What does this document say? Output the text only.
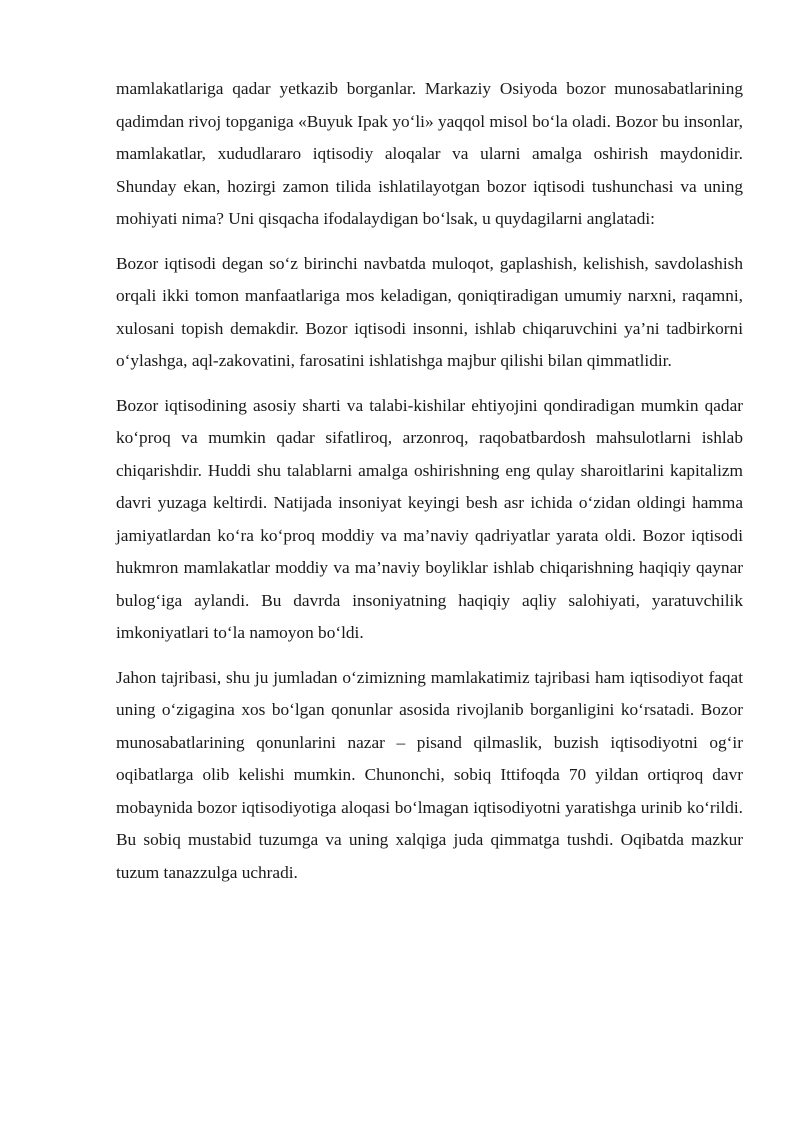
mamlakatlariga qadar yetkazib borganlar. Markaziy Osiyoda bozor munosabatlarining qadimdan rivoj topganiga «Buyuk Ipak yo‘li» yaqqol misol bo‘la oladi. Bozor bu insonlar, mamlakatlar, xududlararo iqtisodiy aloqalar va ularni amalga oshirish maydonidir. Shunday ekan, hozirgi zamon tilida ishlatilayotgan bozor iqtisodi tushunchasi va uning mohiyati nima? Uni qisqacha ifodalaydigan bo‘lsak, u quydagilarni anglatadi:

Bozor iqtisodi degan so‘z birinchi navbatda muloqot, gaplashish, kelishish, savdolashish orqali ikki tomon manfaatlariga mos keladigan, qoniqtiradigan umumiy narxni, raqamni, xulosani topish demakdir. Bozor iqtisodi insonni, ishlab chiqaruvchini ya’ni tadbirkorni o‘ylashga, aql-zakovatini, farosatini ishlatishga majbur qilishi bilan qimmatlidir.

Bozor iqtisodining asosiy sharti va talabi-kishilar ehtiyojini qondiradigan mumkin qadar ko‘proq va mumkin qadar sifatliroq, arzonroq, raqobatbardosh mahsulotlarni ishlab chiqarishdir. Huddi shu talablarni amalga oshirishning eng qulay sharoitlarini kapitalizm davri yuzaga keltirdi. Natijada insoniyat keyingi besh asr ichida o‘zidan oldingi hamma jamiyatlardan ko‘ra ko‘proq moddiy va ma’naviy qadriyatlar yarata oldi. Bozor iqtisodi hukmron mamlakatlar moddiy va ma’naviy boyliklar ishlab chiqarishning haqiqiy qaynar bulog‘iga aylandi. Bu davrda insoniyatning haqiqiy aqliy salohiyati, yaratuvchilik imkoniyatlari to‘la namoyon bo‘ldi.

Jahon tajribasi, shu ju jumladan o‘zimizning mamlakatimiz tajribasi ham iqtisodiyot faqat uning o‘zigagina xos bo‘lgan qonunlar asosida rivojlanib borganligini ko‘rsatadi. Bozor munosabatlarining qonunlarini nazar – pisand qilmaslik, buzish iqtisodiyotni og‘ir oqibatlarga olib kelishi mumkin. Chunonchi, sobiq Ittifoqda 70 yildan ortiqroq davr mobaynida bozor iqtisodiyotiga aloqasi bo‘lmagan iqtisodiyotni yaratishga urinib ko‘rildi. Bu sobiq mustabid tuzumga va uning xalqiga juda qimmatga tushdi. Oqibatda mazkur tuzum tanazzulga uchradi.
